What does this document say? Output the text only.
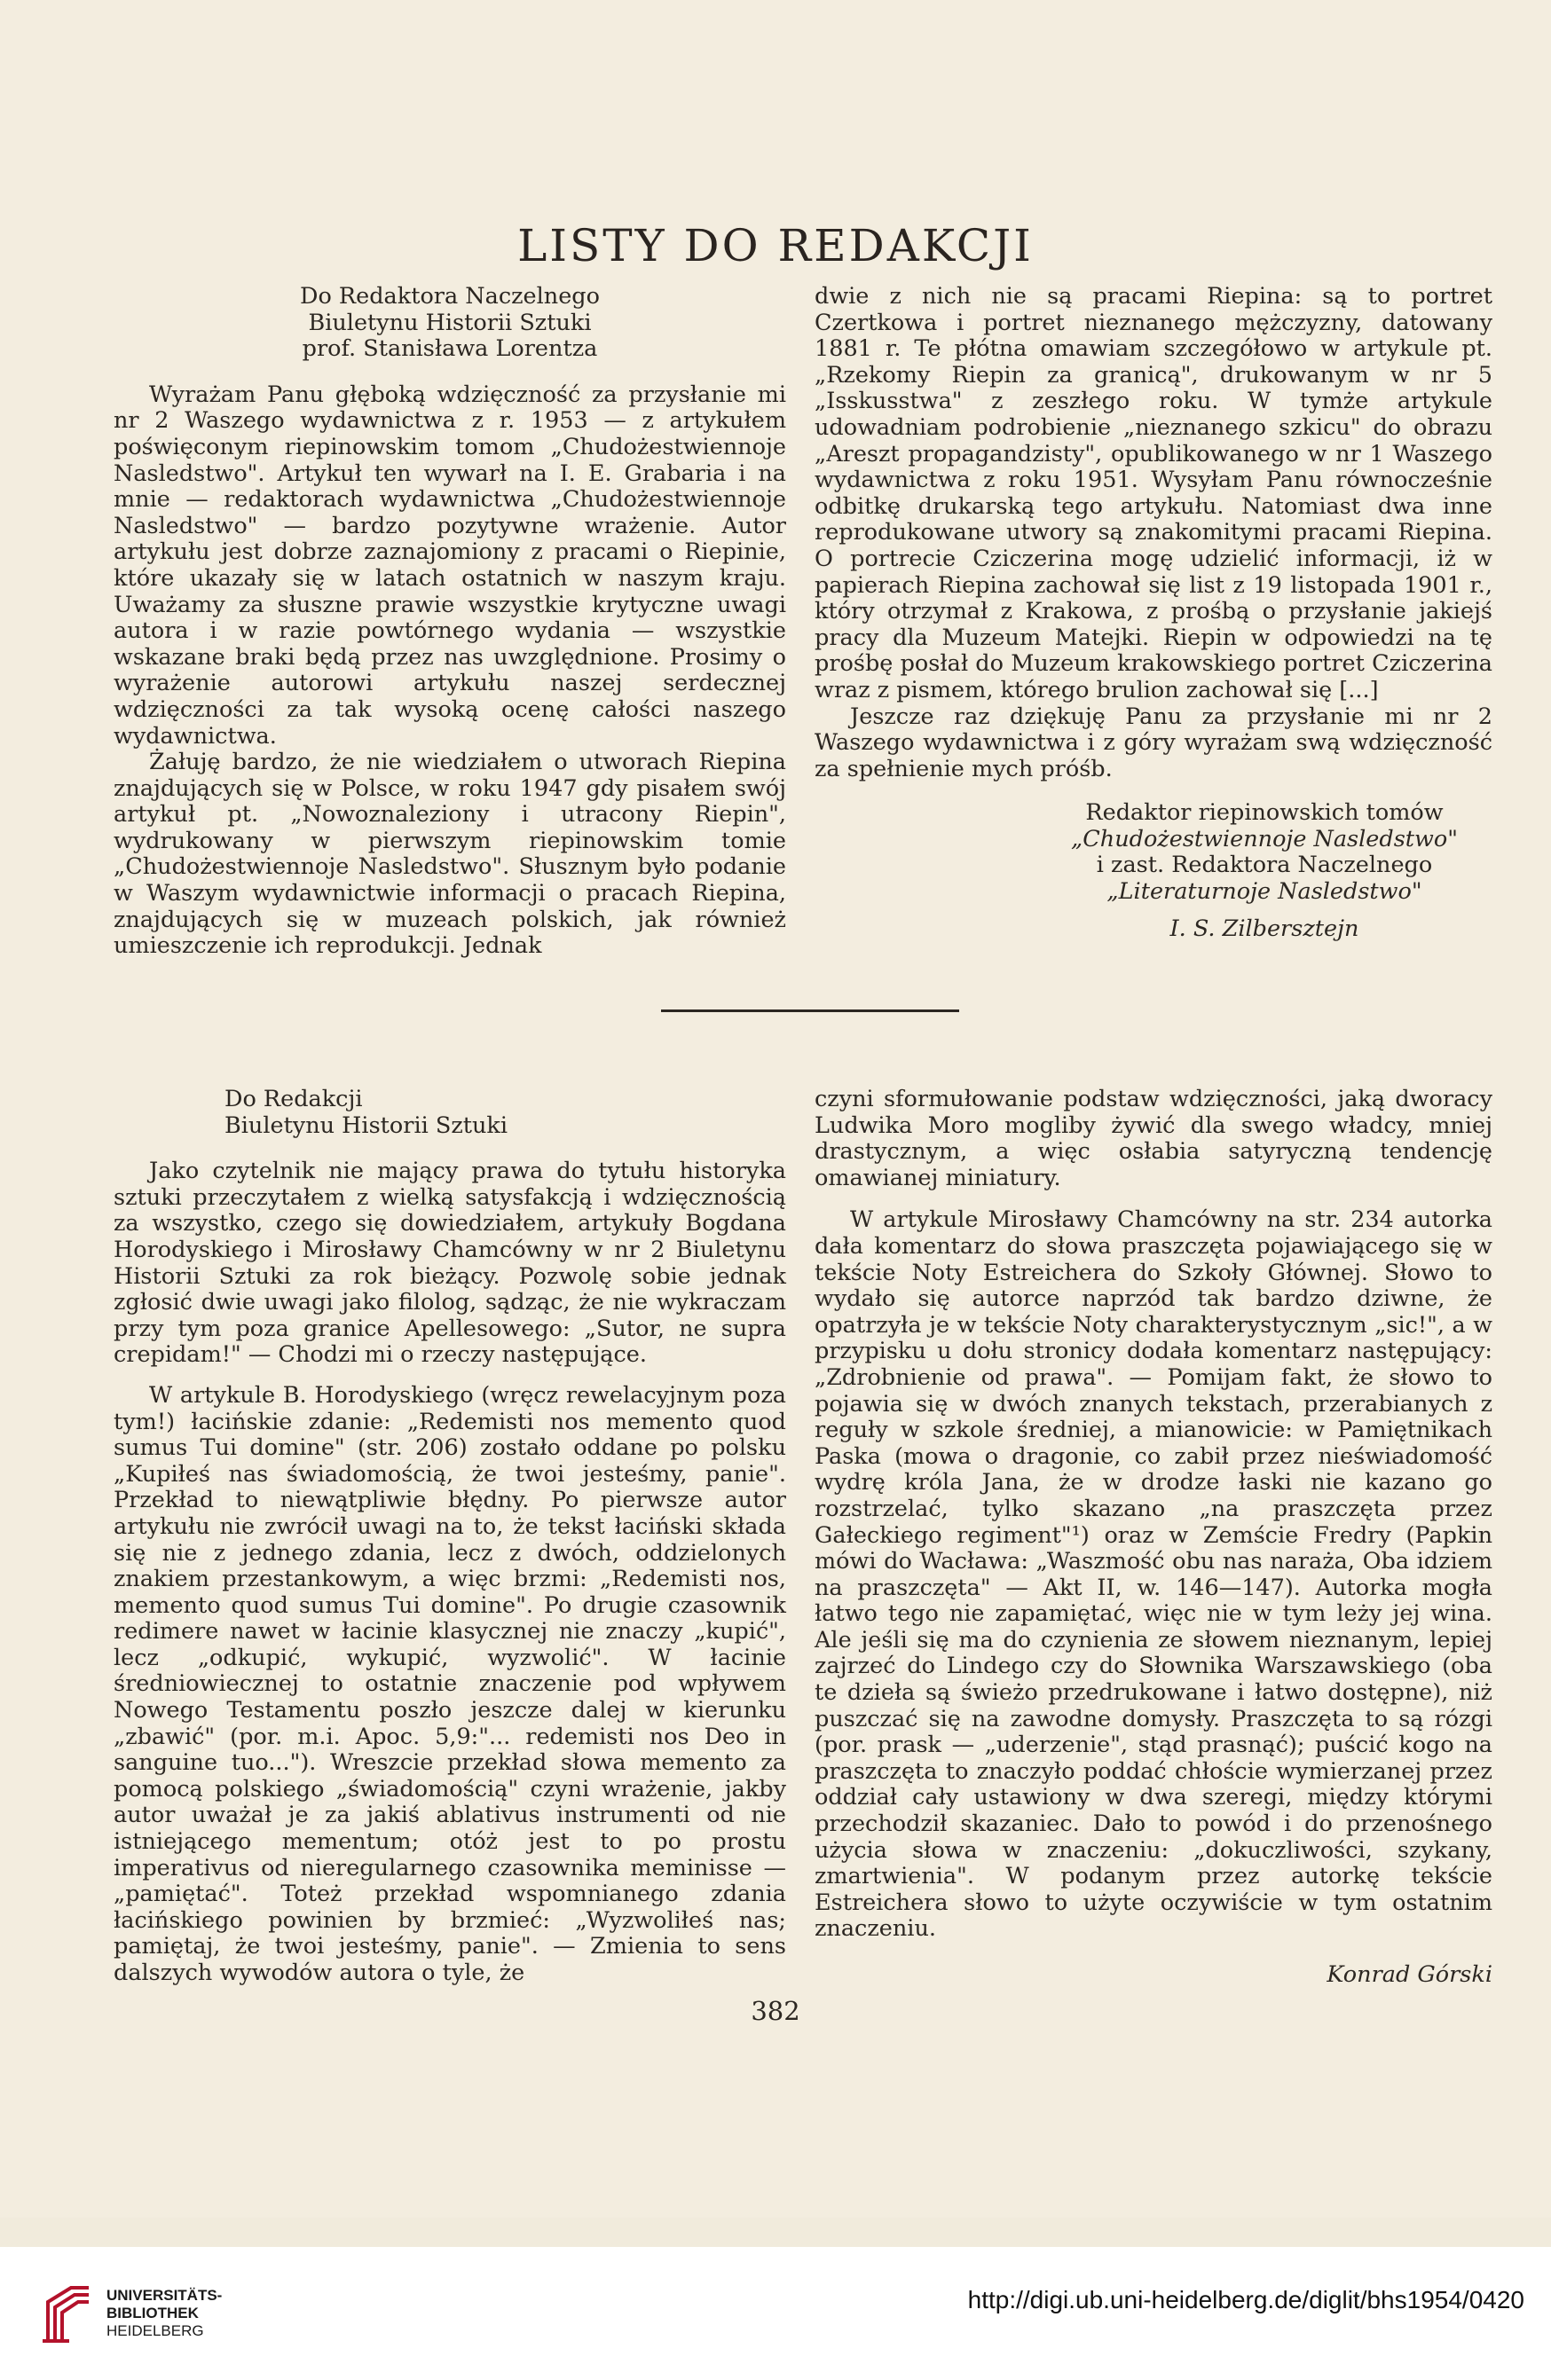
LISTY DO REDAKCJI

Do Redaktora Naczelnego

Biuletynu Historii Sztuki

prof. Stanisława Lorentza

Wyrażam Panu głęboką wdzięczność za przysłanie mi nr 2 Waszego wydawnictwa z r. 1953 — z artykułem poświęconym riepinowskim tomom „Chudożestwiennoje Nasledstwo". Artykuł ten wywarł na I. E. Grabaria i na mnie — redaktorach wydawnictwa „Chudożestwiennoje Nasledstwo" — bardzo pozytywne wrażenie. Autor artykułu jest dobrze zaznajomiony z pracami o Riepinie, które ukazały się w latach ostatnich w naszym kraju. Uważamy za słuszne prawie wszystkie krytyczne uwagi autora i w razie powtórnego wydania — wszystkie wskazane braki będą przez nas uwzględnione. Prosimy o wyrażenie autorowi artykułu naszej serdecznej wdzięczności za tak wysoką ocenę całości naszego wydawnictwa.

Żałuję bardzo, że nie wiedziałem o utworach Riepina znajdujących się w Polsce, w roku 1947 gdy pisałem swój artykuł pt. „Nowoznaleziony i utracony Riepin", wydrukowany w pierwszym riepinowskim tomie „Chudożestwiennoje Nasledstwo". Słusznym było podanie w Waszym wydawnictwie informacji o pracach Riepina, znajdujących się w muzeach polskich, jak również umieszczenie ich reprodukcji. Jednak

dwie z nich nie są pracami Riepina: są to portret Czertkowa i portret nieznanego mężczyzny, datowany 1881 r. Te płótna omawiam szczegółowo w artykule pt. „Rzekomy Riepin za granicą", drukowanym w nr 5 „Isskusstwa" z zeszłego roku. W tymże artykule udowadniam podrobienie „nieznanego szkicu" do obrazu „Areszt propagandzisty", opublikowanego w nr 1 Waszego wydawnictwa z roku 1951. Wysyłam Panu równocześnie odbitkę drukarską tego artykułu. Natomiast dwa inne reprodukowane utwory są znakomitymi pracami Riepina. O portrecie Cziczerina mogę udzielić informacji, iż w papierach Riepina zachował się list z 19 listopada 1901 r., który otrzymał z Krakowa, z prośbą o przysłanie jakiejś pracy dla Muzeum Matejki. Riepin w odpowiedzi na tę prośbę posłał do Muzeum krakowskiego portret Cziczerina wraz z pismem, którego brulion zachował się [...]

Jeszcze raz dziękuję Panu za przysłanie mi nr 2 Waszego wydawnictwa i z góry wyrażam swą wdzięczność za spełnienie mych próśb.

Redaktor riepinowskich tomów

„Chudożestwiennoje Nasledstwo"

i zast. Redaktora Naczelnego

„Literaturnoje Nasledstwo"

I. S. Zilbersztejn

Do Redakcji

Biuletynu Historii Sztuki

Jako czytelnik nie mający prawa do tytułu historyka sztuki przeczytałem z wielką satysfakcją i wdzięcznością za wszystko, czego się dowiedziałem, artykuły Bogdana Horodyskiego i Mirosławy Chamcówny w nr 2 Biuletynu Historii Sztuki za rok bieżący. Pozwolę sobie jednak zgłosić dwie uwagi jako filolog, sądząc, że nie wykraczam przy tym poza granice Apellesowego: „Sutor, ne supra crepidam!" — Chodzi mi o rzeczy następujące.

W artykule B. Horodyskiego (wręcz rewelacyjnym poza tym!) łacińskie zdanie: „Redemisti nos memento quod sumus Tui domine" (str. 206) zostało oddane po polsku „Kupiłeś nas świadomością, że twoi jesteśmy, panie". Przekład to niewątpliwie błędny. Po pierwsze autor artykułu nie zwrócił uwagi na to, że tekst łaciński składa się nie z jednego zdania, lecz z dwóch, oddzielonych znakiem przestankowym, a więc brzmi: „Redemisti nos, memento quod sumus Tui domine". Po drugie czasownik redimere nawet w łacinie klasycznej nie znaczy „kupić", lecz „odkupić, wykupić, wyzwolić". W łacinie średniowiecznej to ostatnie znaczenie pod wpływem Nowego Testamentu poszło jeszcze dalej w kierunku „zbawić" (por. m.i. Apoc. 5,9:"... redemisti nos Deo in sanguine tuo..."). Wreszcie przekład słowa memento za pomocą polskiego „świadomością" czyni wrażenie, jakby autor uważał je za jakiś ablativus instrumenti od nie istniejącego mementum; otóż jest to po prostu imperativus od nieregularnego czasownika meminisse — „pamiętać". Toteż przekład wspomnianego zdania łacińskiego powinien by brzmieć: „Wyzwoliłeś nas; pamiętaj, że twoi jesteśmy, panie". — Zmienia to sens dalszych wywodów autora o tyle, że

czyni sformułowanie podstaw wdzięczności, jaką dworacy Ludwika Moro mogliby żywić dla swego władcy, mniej drastycznym, a więc osłabia satyryczną tendencję omawianej miniatury.

W artykule Mirosławy Chamcówny na str. 234 autorka dała komentarz do słowa praszczęta pojawiającego się w tekście Noty Estreichera do Szkoły Głównej. Słowo to wydało się autorce naprzód tak bardzo dziwne, że opatrzyła je w tekście Noty charakterystycznym „sic!", a w przypisku u dołu stronicy dodała komentarz następujący: „Zdrobnienie od prawa". — Pomijam fakt, że słowo to pojawia się w dwóch znanych tekstach, przerabianych z reguły w szkole średniej, a mianowicie: w Pamiętnikach Paska (mowa o dragonie, co zabił przez nieświadomość wydrę króla Jana, że w drodze łaski nie kazano go rozstrzelać, tylko skazano „na praszczęta przez Gałeckiego regiment"¹) oraz w Zemście Fredry (Papkin mówi do Wacława: „Waszmość obu nas naraża, Oba idziem na praszczęta" — Akt II, w. 146—147). Autorka mogła łatwo tego nie zapamiętać, więc nie w tym leży jej wina. Ale jeśli się ma do czynienia ze słowem nieznanym, lepiej zajrzeć do Lindego czy do Słownika Warszawskiego (oba te dzieła są świeżo przedrukowane i łatwo dostępne), niż puszczać się na zawodne domysły. Praszczęta to są rózgi (por. prask — „uderzenie", stąd prasnąć); puścić kogo na praszczęta to znaczyło poddać chłoście wymierzanej przez oddział cały ustawiony w dwa szeregi, między którymi przechodził skazaniec. Dało to powód i do przenośnego użycia słowa w znaczeniu: „dokuczliwości, szykany, zmartwienia". W podanym przez autorkę tekście Estreichera słowo to użyte oczywiście w tym ostatnim znaczeniu.

Konrad Górski

382
UNIVERSITÄTS-
BIBLIOTHEK
HEIDELBERG
http://digi.ub.uni-heidelberg.de/diglit/bhs1954/0420
